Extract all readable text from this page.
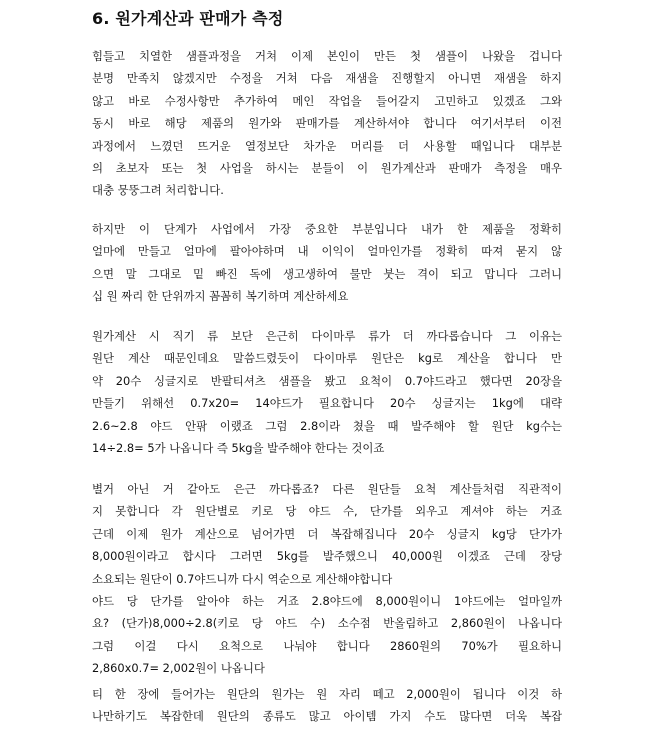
6. 원가계산과 판매가 측정
힘들고 치열한 샘플과정을 거쳐 이제 본인이 만든 첫 샘플이 나왔을 겁니다
분명 만족치 않겠지만 수정을 거쳐 다음 재샘을 진행할지 아니면 재샘을 하지
않고 바로 수정사항만 추가하여 메인 작업을 들어갈지 고민하고 있겠죠 그와
동시 바로 해당 제품의 원가와 판매가를 계산하셔야 합니다 여기서부터 이전
과정에서 느꼈던 뜨거운 열정보단 차가운 머리를 더 사용할 때입니다 대부분
의 초보자 또는 첫 사업을 하시는 분들이 이 원가계산과 판매가 측정을 매우
대충 뭉뚱그려 처리합니다.
하지만 이 단계가 사업에서 가장 중요한 부분입니다 내가 한 제품을 정확히
얼마에 만들고 얼마에 팔아야하며 내 이익이 얼마인가를 정확히 따져 묻지 않
으면 말 그대로 밑 빠진 독에 생고생하여 물만 붓는 격이 되고 맙니다 그러니
십 원 짜리 한 단위까지 꼼꼼히 복기하며 계산하세요
원가계산 시 직기 류 보단 은근히 다이마루 류가 더 까다롭습니다 그 이유는
원단 계산 때문인데요 말씀드렸듯이 다이마루 원단은 kg로 계산을 합니다 만
약 20수 싱글지로 반팔티셔츠 샘플을 봤고 요척이 0.7야드라고 했다면 20장을
만들기 위해선 0.7x20= 14야드가 필요합니다 20수 싱글지는 1kg에 대략
2.6~2.8 야드 안팎 이랬죠 그럼 2.8이라 쳤을 때 발주해야 할 원단 kg수는
14÷2.8= 5가 나옵니다 즉 5kg을 발주해야 한다는 것이죠
별거 아닌 거 같아도 은근 까다롭죠? 다른 원단들 요척 계산들처럼 직관적이
지 못합니다 각 원단별로 키로 당 야드 수, 단가를 외우고 계셔야 하는 거죠
근데 이제 원가 계산으로 넘어가면 더 복잡해집니다 20수 싱글지 kg당 단가가
8,000원이라고 합시다 그러면 5kg를 발주했으니 40,000원 이겠죠 근데 장당
소요되는 원단이 0.7야드니까 다시 역순으로 계산해야합니다
야드 당 단가를 알아야 하는 거죠 2.8야드에 8,000원이니 1야드에는 얼마일까
요? (단가)8,000÷2.8(키로 당 야드 수) 소수점 반올림하고 2,860원이 나옵니다
그럼 이걸 다시 요척으로 나눠야 합니다 2860원의 70%가 필요하니
2,860x0.7= 2,002원이 나옵니다
티 한 장에 들어가는 원단의 원가는 원 자리 떼고 2,000원이 됩니다 이것 하
나만하기도 복잡한데 원단의 종류도 많고 아이템 가지 수도 많다면 더욱 복잡
